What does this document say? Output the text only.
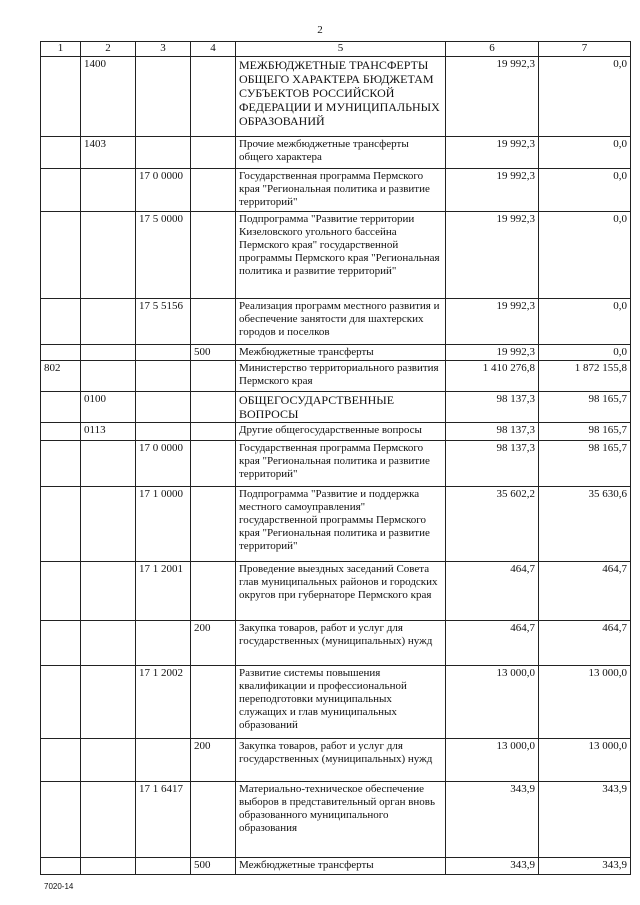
2
1	2	3	4	5	6	7
	1400			МЕЖБЮДЖЕТНЫЕ ТРАНСФЕРТЫ ОБЩЕГО ХАРАКТЕРА БЮДЖЕТАМ СУБЪЕКТОВ РОССИЙСКОЙ ФЕДЕРАЦИИ И МУНИЦИПАЛЬНЫХ ОБРАЗОВАНИЙ	19 992,3	0,0
	1403			Прочие межбюджетные трансферты общего характера	19 992,3	0,0
		17 0 0000		Государственная программа Пермского края "Региональная политика и развитие территорий"	19 992,3	0,0
		17 5 0000		Подпрограмма "Развитие территории Кизеловского угольного бассейна Пермского края" государственной программы Пермского края "Региональная политика и развитие территорий"	19 992,3	0,0
		17 5 5156		Реализация программ местного развития и обеспечение занятости для шахтерских городов и поселков	19 992,3	0,0
			500	Межбюджетные трансферты	19 992,3	0,0
802				Министерство территориального развития Пермского края	1 410 276,8	1 872 155,8
	0100			ОБЩЕГОСУДАРСТВЕННЫЕ ВОПРОСЫ	98 137,3	98 165,7
	0113			Другие общегосударственные вопросы	98 137,3	98 165,7
		17 0 0000		Государственная программа Пермского края "Региональная политика и развитие территорий"	98 137,3	98 165,7
		17 1 0000		Подпрограмма "Развитие и поддержка местного самоуправления" государственной программы Пермского края "Региональная политика и развитие территорий"	35 602,2	35 630,6
		17 1 2001		Проведение выездных заседаний Совета глав муниципальных районов и городских округов при губернаторе Пермского края	464,7	464,7
			200	Закупка товаров, работ и услуг для государственных (муниципальных) нужд	464,7	464,7
		17 1 2002		Развитие системы повышения квалификации и профессиональной переподготовки муниципальных служащих и глав муниципальных образований	13 000,0	13 000,0
			200	Закупка товаров, работ и услуг для государственных (муниципальных) нужд	13 000,0	13 000,0
		17 1 6417		Материально-техническое обеспечение выборов в представительный орган вновь образованного муниципального образования	343,9	343,9
			500	Межбюджетные трансферты	343,9	343,9
7020-14
